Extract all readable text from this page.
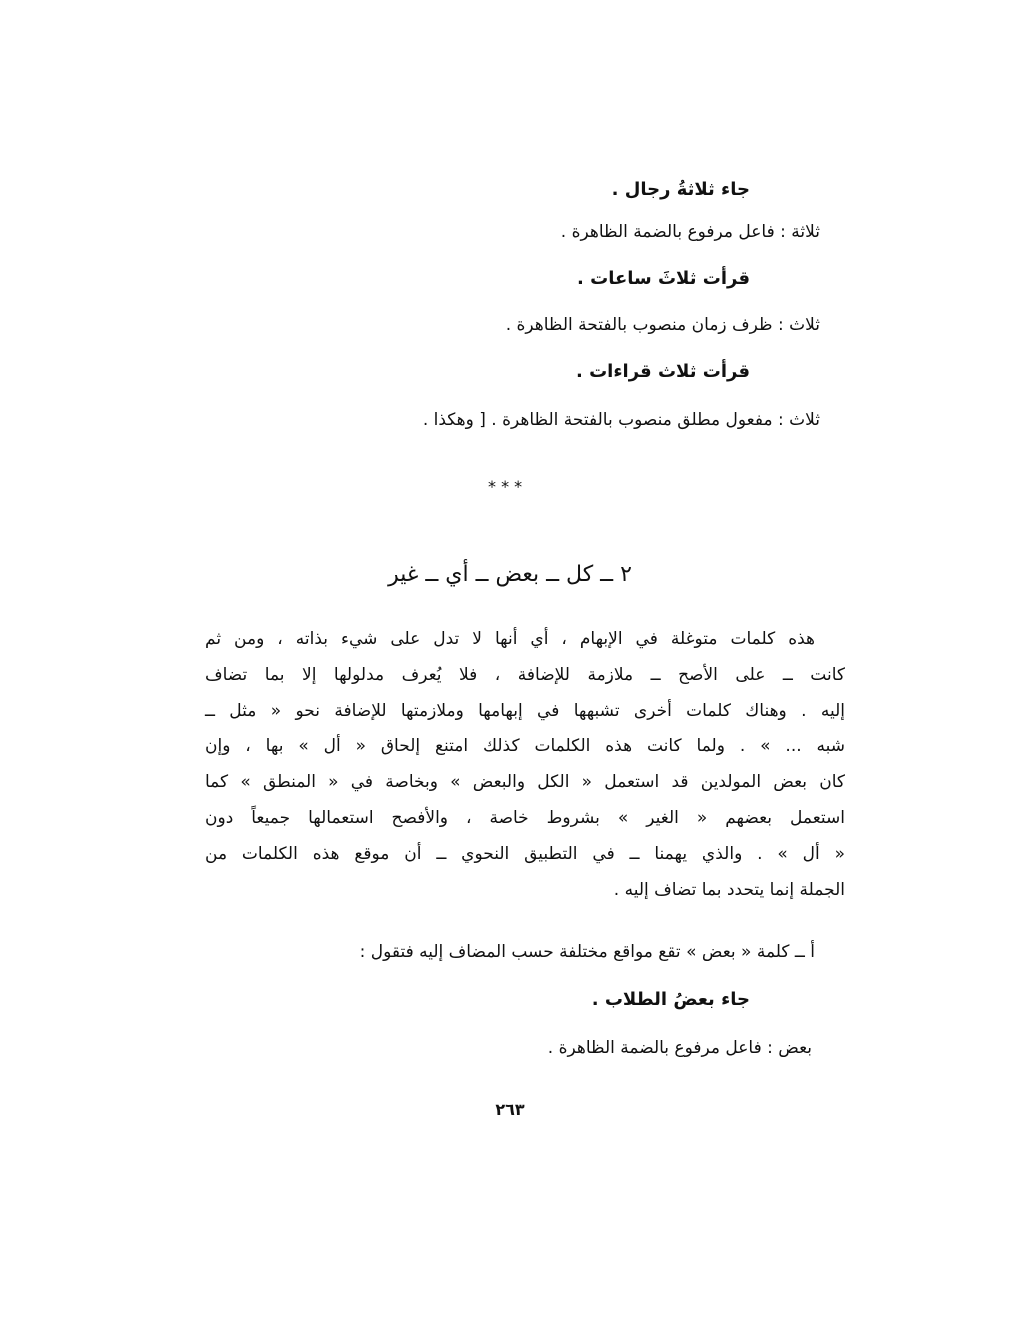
جاء ثلاثةُ رجال .
ثلاثة : فاعل مرفوع بالضمة الظاهرة .
قرأت ثلاثَ ساعات .
ثلاث : ظرف زمان منصوب بالفتحة الظاهرة .
قرأت ثلاث قراءات .
ثلاث : مفعول مطلق منصوب بالفتحة الظاهرة . [ وهكذا .
* * *
٢ ــ كل ــ بعض ــ أي ــ غير
هذه كلمات متوغلة في الإبهام ، أي أنها لا تدل على شيء بذاته ، ومن ثم
كانت ــ على الأصح ــ ملازمة للإضافة ، فلا يُعرف مدلولها إلا بما تضاف
إليه . وهناك كلمات أخرى تشبهها في إبهامها وملازمتها للإضافة نحو « مثل ــ
شبه ... » . ولما كانت هذه الكلمات كذلك امتنع إلحاق « أل » بها ، وإن
كان بعض المولدين قد استعمل « الكل والبعض » وبخاصة في « المنطق » كما
استعمل بعضهم « الغير » بشروط خاصة ، والأفصح استعمالها جميعاً دون
« أل » . والذي يهمنا ــ في التطبيق النحوي ــ أن موقع هذه الكلمات من
الجملة إنما يتحدد بما تضاف إليه .
أ ــ كلمة « بعض » تقع مواقع مختلفة حسب المضاف إليه فتقول :
جاء بعضُ الطلاب .
بعض : فاعل مرفوع بالضمة الظاهرة .
٢٦٣
